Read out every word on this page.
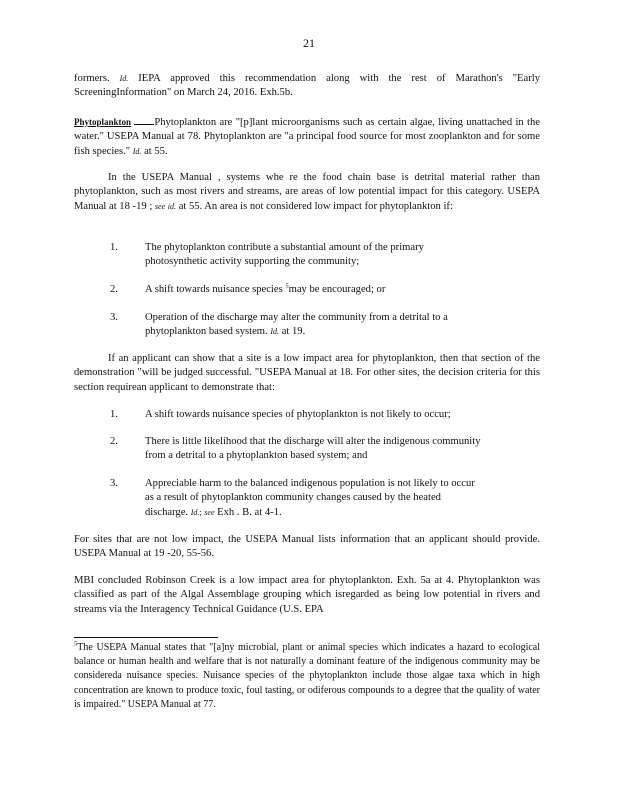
21
formers. Id. IEPA approved this recommendation along with the rest of Marathon's "Early ScreeningInformation" on March 24, 2016. Exh.5b.
Phytoplankton Phytoplankton are "[p]lant microorganisms such as certain algae, living unattached in the water." USEPA Manual at 78. Phytoplankton are "a principal food source for most zooplankton and for some fish species." Id. at 55.
In the USEPA Manual , systems whe re the food chain base is detrital material rather than phytoplankton, such as most rivers and streams, are areas of low potential impact for this category. USEPA Manual at 18 -19 ; see id. at 55. An area is not considered low impact for phytoplankton if:
1.	The phytoplankton contribute a substantial amount of the primary photosynthetic activity supporting the community;
2.	A shift towards nuisance species $^5$may be encouraged; or
3.	Operation of the discharge may alter the community from a detrital to a phytoplankton based system. Id. at 19.
If an applicant can show that a site is a low impact area for phytoplankton, then that section of the demonstration "will be judged successful. "USEPA Manual at 18. For other sites, the decision criteria for this section requirean applicant to demonstrate that:
1.	A shift towards nuisance species of phytoplankton is not likely to occur;
2.	There is little likelihood that the discharge will alter the indigenous community from a detrital to a phytoplankton based system; and
3.	Appreciable harm to the balanced indigenous population is not likely to occur as a result of phytoplankton community changes caused by the heated discharge. Id.; see Exh . B. at 4-1.
For sites that are not low impact, the USEPA Manual lists information that an applicant should provide. USEPA Manual at 19 -20, 55-56.
MBI concluded Robinson Creek is a low impact area for phytoplankton. Exh. 5a at 4. Phytoplankton was classified as part of the Algal Assemblage grouping which isregarded as being low potential in rivers and streams via the Interagency Technical Guidance (U.S. EPA
$^5$The USEPA Manual states that "[a]ny microbial, plant or animal species which indicates a hazard to ecological balance or human health and welfare that is not naturally a dominant feature of the indigenous community may be considereda nuisance species. Nuisance species of the phytoplankton include those algae taxa which in high concentration are known to produce toxic, foul tasting, or odiferous compounds to a degree that the quality of water is impaired." USEPA Manual at 77.
